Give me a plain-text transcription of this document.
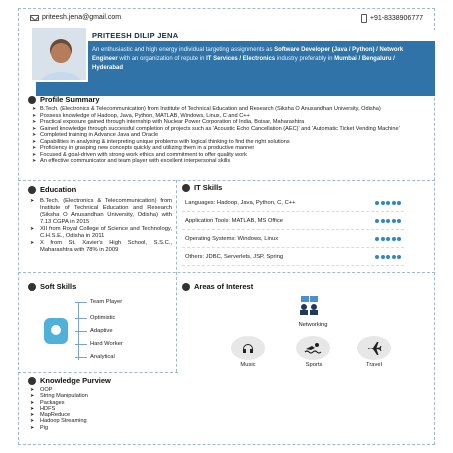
priteesh.jena@gmail.com	+91-8338906777
PRITEESH DILIP JENA
An enthusiastic and high energy individual targeting assignments as Software Developer (Java / Python) / Network Engineer with an organization of repute in IT Services / Electronics industry preferably in Mumbai / Bengaluru / Hyderabad
Profile Summary
➤ B.Tech. (Electronics & Telecommunication) from Institute of Technical Education and Research (Siksha O Anusandhan University, Odisha)
➤ Possess knowledge of Hadoop, Java, Python, MATLAB, Windows, Linux, C and C++
➤ Practical exposure gained through internship with Nuclear Power Corporation of India, Boisar, Maharashtra
➤ Gained knowledge through successful completion of projects such as 'Acoustic Echo Cancellation (AEC)' and 'Automatic Ticket Vending Machine'
➤ Completed training in Advance Java and Oracle
➤ Capabilities in analysing & interpreting unique problems with logical thinking to find the right solutions
➤ Proficiency in grasping new concepts quickly and utilizing them in a productive manner
➤ Focused & goal-driven with strong work ethics and commitment to offer quality work
➤ An effective communicator and team player with excellent interpersonal skills
Education
➤ B.Tech. (Electronics & Telecommunication) from Institute of Technical Education and Research (Siksha O Anusandhan University, Odisha) with 7.13 CGPA in 2015
➤ XII from Royal College of Science and Technology, C.H.S.E., Odisha in 2011
➤ X from St. Xavier's High School, S.S.C., Maharashtra with 78% in 2009
IT Skills
Languages: Hadoop, Java, Python, C, C++
Application Tools: MATLAB, MS Office
Operating Systems: Windows, Linux
Others: JDBC, Serverlets, JSP, Spring
Soft Skills
Team Player
Optimistic
Adaptive
Hard Worker
Analytical
Areas of Interest
Networking
Music	Sports	Travel
Knowledge Purview
➤ OOP
➤ String Manipulation
➤ Packages
➤ HDFS
➤ MapReduce
➤ Hadoop Streaming
➤ Pig
